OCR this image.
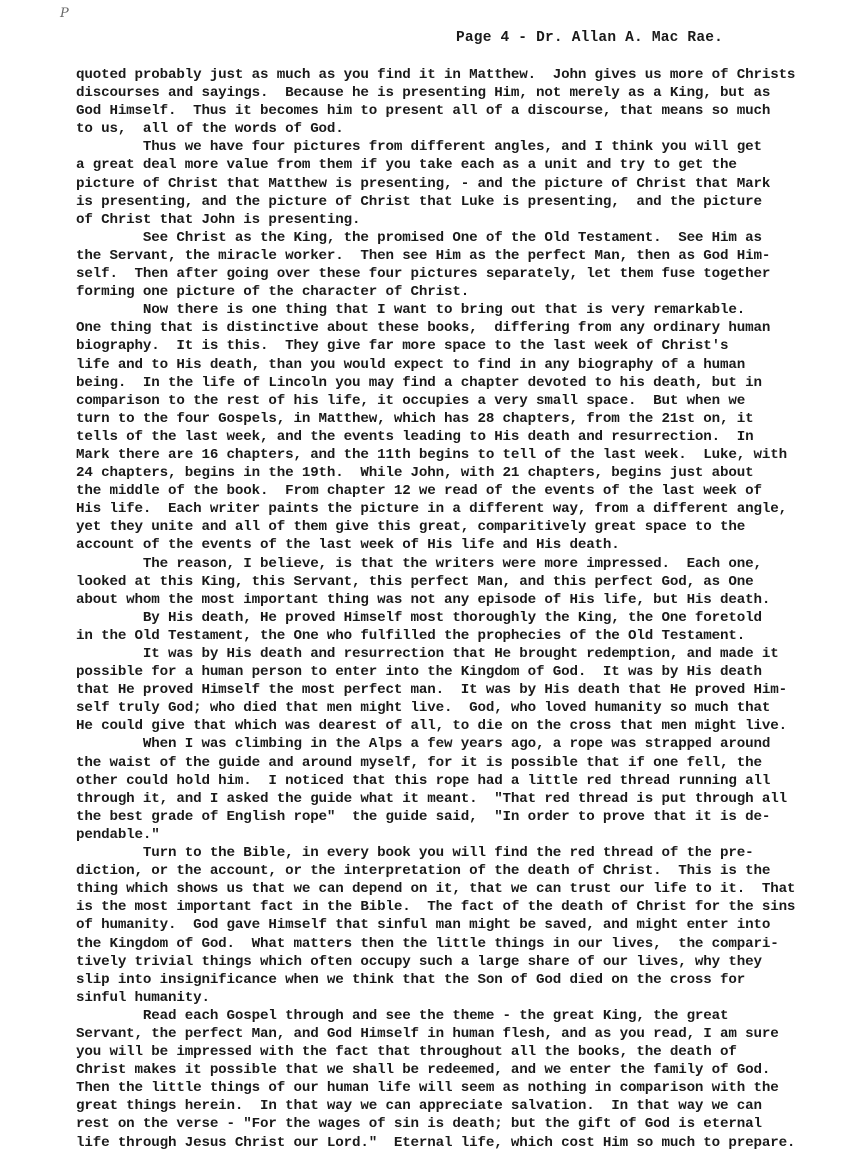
P
Page 4 - Dr. Allan A. Mac Rae.
quoted probably just as much as you find it in Matthew.  John gives us more of Christs
discourses and sayings.  Because he is presenting Him, not merely as a King, but as
God Himself.  Thus it becomes him to present all of a discourse, that means so much
to us,  all of the words of God.
Thus we have four pictures from different angles, and I think you will get
a great deal more value from them if you take each as a unit and try to get the
picture of Christ that Matthew is presenting, - and the picture of Christ that Mark
is presenting, and the picture of Christ that Luke is presenting,  and the picture
of Christ that John is presenting.
See Christ as the King, the promised One of the Old Testament.  See Him as
the Servant, the miracle worker.  Then see Him as the perfect Man, then as God Him-
self.  Then after going over these four pictures separately, let them fuse together
forming one picture of the character of Christ.
Now there is one thing that I want to bring out that is very remarkable.
One thing that is distinctive about these books,  differing from any ordinary human
biography.  It is this.  They give far more space to the last week of Christ's
life and to His death, than you would expect to find in any biography of a human
being.  In the life of Lincoln you may find a chapter devoted to his death, but in
comparison to the rest of his life, it occupies a very small space.  But when we
turn to the four Gospels, in Matthew, which has 28 chapters, from the 21st on, it
tells of the last week, and the events leading to His death and resurrection.  In
Mark there are 16 chapters, and the 11th begins to tell of the last week.  Luke, with
24 chapters, begins in the 19th.  While John, with 21 chapters, begins just about
the middle of the book.  From chapter 12 we read of the events of the last week of
His life.  Each writer paints the picture in a different way, from a different angle,
yet they unite and all of them give this great, comparitively great space to the
account of the events of the last week of His life and His death.
The reason, I believe, is that the writers were more impressed.  Each one,
looked at this King, this Servant, this perfect Man, and this perfect God, as One
about whom the most important thing was not any episode of His life, but His death.
By His death, He proved Himself most thoroughly the King, the One foretold
in the Old Testament, the One who fulfilled the prophecies of the Old Testament.
It was by His death and resurrection that He brought redemption, and made it
possible for a human person to enter into the Kingdom of God.  It was by His death
that He proved Himself the most perfect man.  It was by His death that He proved Him-
self truly God; who died that men might live.  God, who loved humanity so much that
He could give that which was dearest of all, to die on the cross that men might live.
When I was climbing in the Alps a few years ago, a rope was strapped around
the waist of the guide and around myself, for it is possible that if one fell, the
other could hold him.  I noticed that this rope had a little red thread running all
through it, and I asked the guide what it meant.  "That red thread is put through all
the best grade of English rope"  the guide said,  "In order to prove that it is de-
pendable."
Turn to the Bible, in every book you will find the red thread of the pre-
diction, or the account, or the interpretation of the death of Christ.  This is the
thing which shows us that we can depend on it, that we can trust our life to it.  That
is the most important fact in the Bible.  The fact of the death of Christ for the sins
of humanity.  God gave Himself that sinful man might be saved, and might enter into
the Kingdom of God.  What matters then the little things in our lives,  the compari-
tively trivial things which often occupy such a large share of our lives, why they
slip into insignificance when we think that the Son of God died on the cross for
sinful humanity.
Read each Gospel through and see the theme - the great King, the great
Servant, the perfect Man, and God Himself in human flesh, and as you read, I am sure
you will be impressed with the fact that throughout all the books, the death of
Christ makes it possible that we shall be redeemed, and we enter the family of God.
Then the little things of our human life will seem as nothing in comparison with the
great things herein.  In that way we can appreciate salvation.  In that way we can
rest on the verse - "For the wages of sin is death; but the gift of God is eternal
life through Jesus Christ our Lord."  Eternal life, which cost Him so much to prepare.
